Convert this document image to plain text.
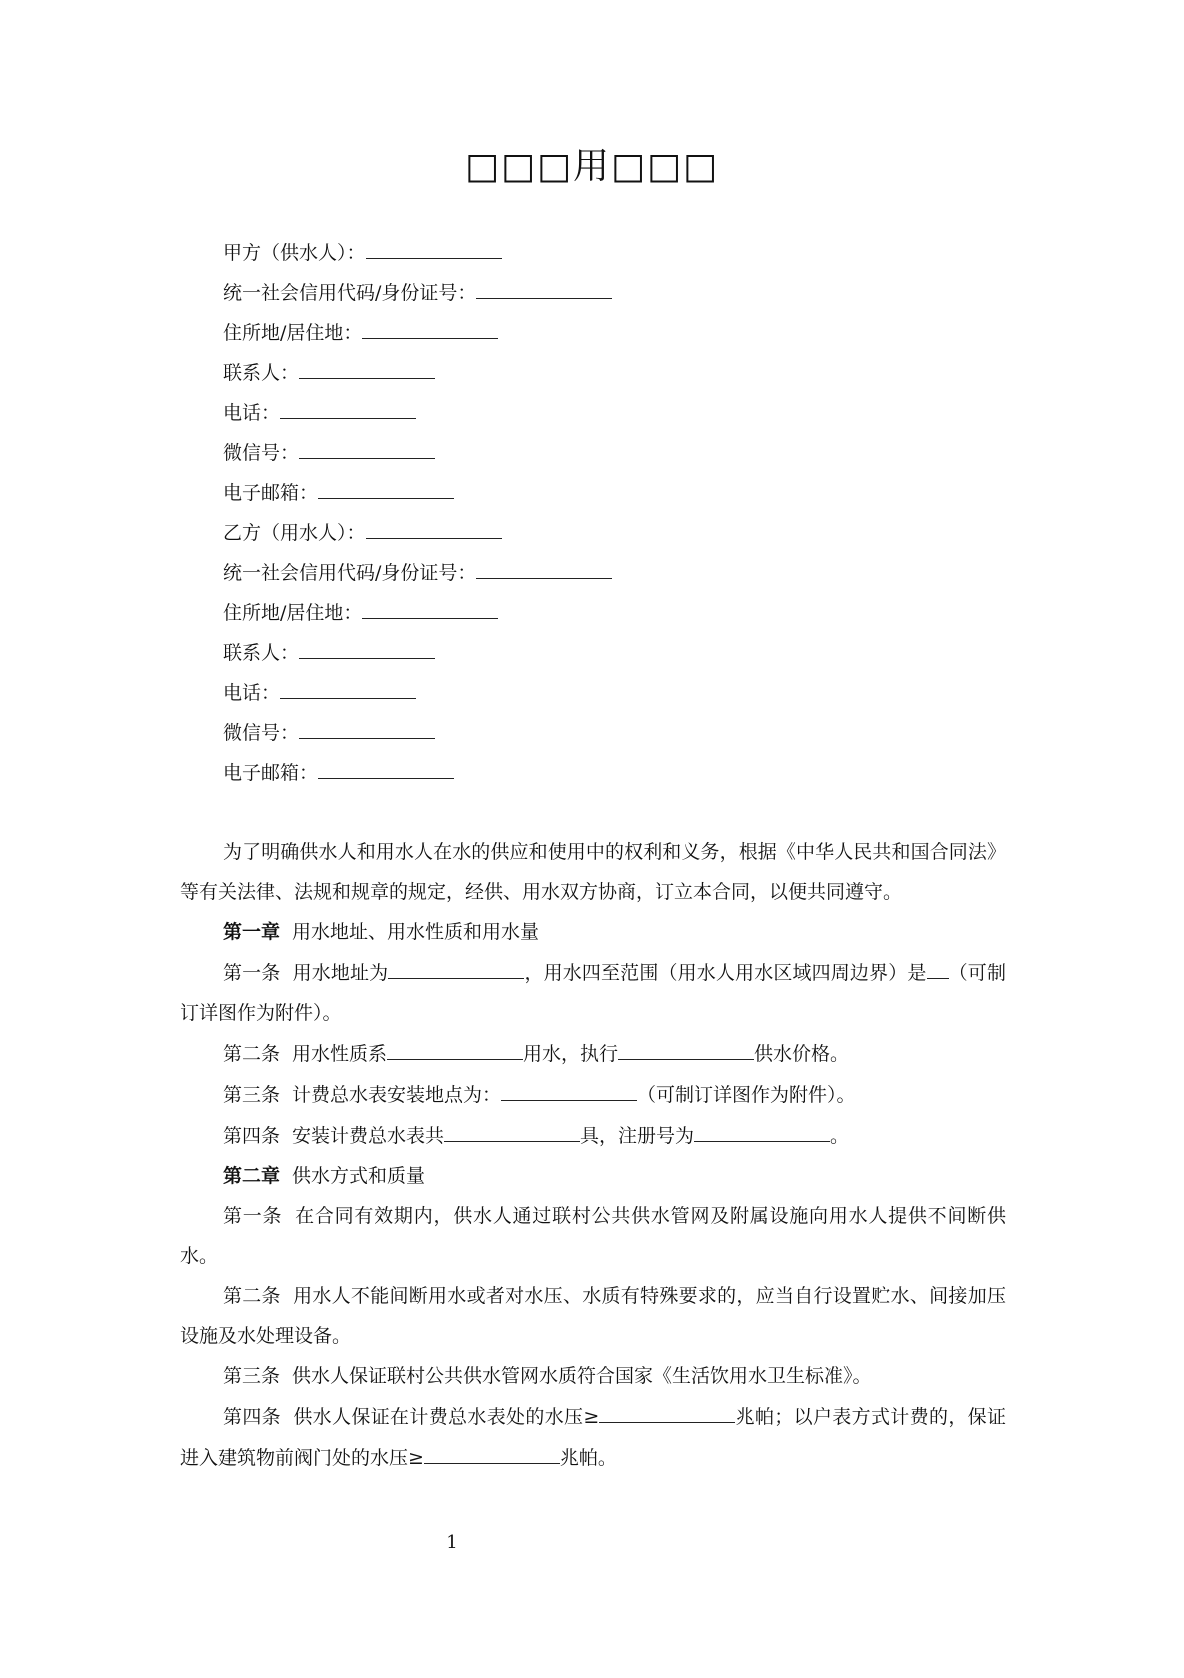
□□□用□□□
甲方（供水人）：
统一社会信用代码/身份证号：
住所地/居住地：
联系人：
电话：
微信号：
电子邮箱：
乙方（用水人）：
统一社会信用代码/身份证号：
住所地/居住地：
联系人：
电话：
微信号：
电子邮箱：
为了明确供水人和用水人在水的供应和使用中的权利和义务，根据《中华人民共和国合同法》等有关法律、法规和规章的规定，经供、用水双方协商，订立本合同，以便共同遵守。
第一章 用水地址、用水性质和用水量
第一条 用水地址为	，用水四至范围（用水人用水区域四周边界）是 （可制订详图作为附件）。
第二条 用水性质系	用水，执行	供水价格。
第三条 计费总水表安装地点为：	（可制订详图作为附件）。
第四条 安装计费总水表共	具，注册号为	。
第二章 供水方式和质量
第一条 在合同有效期内，供水人通过联村公共供水管网及附属设施向用水人提供不间断供水。
第二条 用水人不能间断用水或者对水压、水质有特殊要求的，应当自行设置贮水、间接加压设施及水处理设备。
第三条 供水人保证联村公共供水管网水质符合国家《生活饮用水卫生标准》。
第四条 供水人保证在计费总水表处的水压≥	兆帕；以户表方式计费的，保证进入建筑物前阀门处的水压≥	兆帕。
1
